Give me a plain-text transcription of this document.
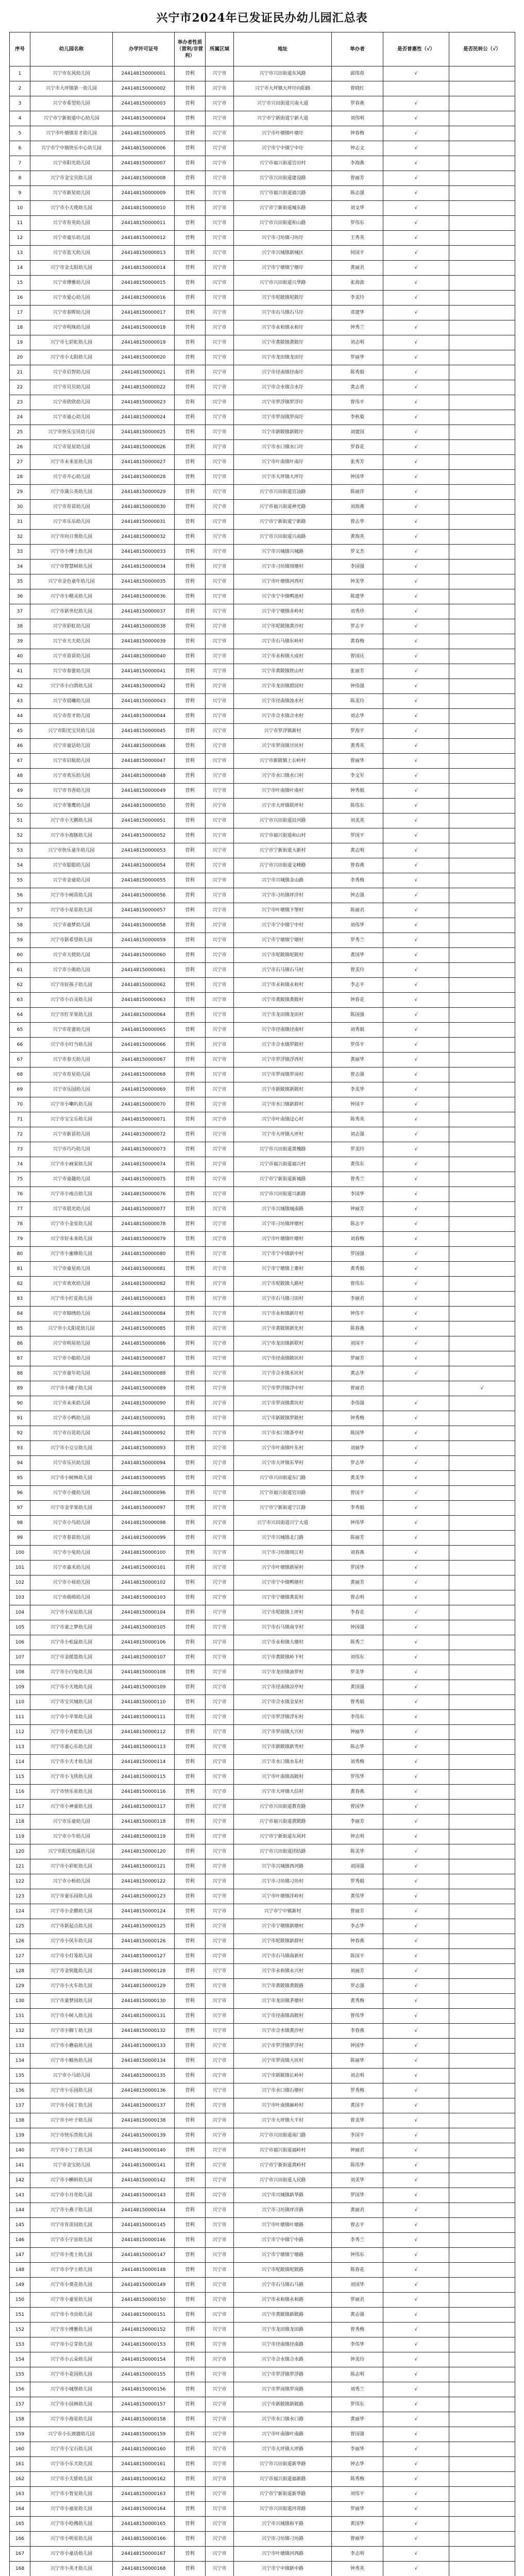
兴宁市2024年已发证民办幼儿园汇总表
序号	幼儿园名称	办学许可证号	举办者性质（营利/非营利）	所属区域	地址	举办者	是否普惠性（√）	是否民转公（√）
1	兴宁市东风幼儿园	244148150000001	营利	兴宁市	兴宁市兴田街道东风路	邱伟春	√	
2	兴宁市大坪镇第一幼儿园	244148150000002	营利	兴宁市	兴宁市大坪镇大坪圩向阳路	曾晓红		
3	兴宁市希望幼儿园	244148150000003	营利	兴宁市	兴宁市兴田街道兴南大道	罗春燕	√	
4	兴宁市宁新街道中心幼儿园	244148150000004	营利	兴宁市	兴宁市宁新街道宁新大道	刘伟明	√	
5	兴宁市叶塘镇育才幼儿园	244148150000005	营利	兴宁市	兴宁市叶塘镇叶塘圩	钟春梅	√	
6	兴宁市宁中镇快乐中心幼儿园	244148150000006	营利	兴宁市	兴宁市宁中镇宁中圩	钟志文	√	
7	兴宁市阳光幼儿园	244148150000007	营利	兴宁市	兴宁市福兴街道官田村	李海燕	√	
8	兴宁市金宝贝幼儿园	244148150000008	营利	兴宁市	兴宁市兴田街道建设路	曾丽芳	√	
9	兴宁市新星幼儿园	244148150000009	营利	兴宁市	兴宁市福兴街道福兴路	陈志强	√	
10	兴宁市小天使幼儿园	244148150000010	营利	兴宁市	兴宁市宁新街道城东路	刘文华	√	
11	兴宁市育英幼儿园	244148150000011	营利	兴宁市	兴宁市兴田街道和山路	罗伟东	√	
12	兴宁市童乐幼儿园	244148150000012	营利	兴宁市	兴宁市刁坊镇刁坊圩	王秀英	√	
13	兴宁市蓝天幼儿园	244148150000013	营利	兴宁市	兴宁市兴城镇新城区	何国平	√	
14	兴宁市金太阳幼儿园	244148150000014	营利	兴宁市	兴宁市宁塘镇宁塘圩	黄丽君	√	
15	兴宁市博雅幼儿园	244148150000015	营利	兴宁市	兴宁市兴田街道兴华路	张海波	√	
16	兴宁市爱心幼儿园	244148150000016	营利	兴宁市	兴宁市坭陂镇坭陂圩	李美玲	√	
17	兴宁市春晖幼儿园	244148150000017	营利	兴宁市	兴宁市石马镇石马圩	邓建华	√	
18	兴宁市明珠幼儿园	244148150000018	营利	兴宁市	兴宁市永和镇永和圩	钟秀兰	√	
19	兴宁市七彩虹幼儿园	244148150000019	营利	兴宁市	兴宁市黄陂镇黄陂圩	刘志明	√	
20	兴宁市小太阳幼儿园	244148150000020	营利	兴宁市	兴宁市龙田镇龙田圩	罗丽华	√	
21	兴宁市启智幼儿园	244148150000021	营利	兴宁市	兴宁市径南镇径南圩	陈秀娟	√	
22	兴宁市贝贝幼儿园	244148150000022	营利	兴宁市	兴宁市合水镇合水圩	黄志勇	√	
23	兴宁市欣欣幼儿园	244148150000023	营利	兴宁市	兴宁市罗浮镇罗浮圩	曾伟平	√	
24	兴宁市童心幼儿园	244148150000024	营利	兴宁市	兴宁市罗岗镇罗岗圩	李秋菊	√	
25	兴宁市快乐宝贝幼儿园	244148150000025	营利	兴宁市	兴宁市新陂镇新陂圩	刘建国	√	
26	兴宁市星星幼儿园	244148150000026	营利	兴宁市	兴宁市水口镇水口圩	罗春花	√	
27	兴宁市未来星幼儿园	244148150000027	营利	兴宁市	兴宁市叶南镇叶南圩	张秀芳	√	
28	兴宁市开心幼儿园	244148150000028	营利	兴宁市	兴宁市大坪镇大坪圩	钟国华	√	
29	兴宁市蒲公英幼儿园	244148150000029	营利	兴宁市	兴宁市兴田街道官汕路	陈丽萍	√	
30	兴宁市育苗幼儿园	244148150000030	营利	兴宁市	兴宁市福兴街道神光路	刘海燕	√	
31	兴宁市乐乐幼儿园	244148150000031	营利	兴宁市	兴宁市宁新街道宁新路	曾志华	√	
32	兴宁市向日葵幼儿园	244148150000032	营利	兴宁市	兴宁市兴田街道兴南路	黄海英	√	
33	兴宁市小博士幼儿园	244148150000033	营利	兴宁市	兴宁市兴城镇兴城路	罗文杰	√	
34	兴宁市智慧树幼儿园	244148150000034	营利	兴宁市	兴宁市刁坊镇周塘村	李国强	√	
35	兴宁市金色童年幼儿园	244148150000035	营利	兴宁市	兴宁市叶塘镇河西村	钟美华	√	
36	兴宁市小精灵幼儿园	244148150000036	营利	兴宁市	兴宁市宁中镇鸭池村	陈建华	√	
37	兴宁市新世纪幼儿园	244148150000037	营利	兴宁市	兴宁市宁塘镇赤岭村	刘秀珍	√	
38	兴宁市彩虹幼儿园	244148150000038	营利	兴宁市	兴宁市坭陂镇黄沙村	罗志平	√	
39	兴宁市天天幼儿园	244148150000039	营利	兴宁市	兴宁市石马镇东岭村	黄春梅	√	
40	兴宁市苗苗幼儿园	244148150000040	营利	兴宁市	兴宁市永和镇大成村	曾国庆	√	
41	兴宁市春蕾幼儿园	244148150000041	营利	兴宁市	兴宁市黄陂镇铁山村	张丽芳	√	
42	兴宁市小白鸽幼儿园	244148150000042	营利	兴宁市	兴宁市龙田镇碧园村	钟伟强	√	
43	兴宁市晨曦幼儿园	244148150000043	营利	兴宁市	兴宁市径南镇浊水村	陈美玲	√	
44	兴宁市育才幼儿园	244148150000044	营利	兴宁市	兴宁市合水镇合水村	刘志华	√	
45	兴宁市阳光宝贝幼儿园	244148150000045	营利	兴宁市	兴宁市罗浮镇新村	罗海平	√	
46	兴宁市童话幼儿园	244148150000046	营利	兴宁市	兴宁市罗岗镇甘坑村	黄秀英	√	
47	兴宁市启航幼儿园	244148150000047	营利	兴宁市	兴宁市新陂镇上长岭村	曾丽华	√	
48	兴宁市欢乐幼儿园	244148150000048	营利	兴宁市	兴宁市水口镇水口村	李文军	√	
49	兴宁市书香幼儿园	244148150000049	营利	兴宁市	兴宁市叶南镇叶南村	钟秀娟	√	
50	兴宁市雏鹰幼儿园	244148150000050	营利	兴宁市	兴宁市大坪镇联坪村	陈伟东	√	
51	兴宁市小天鹅幼儿园	244148150000051	营利	兴宁市	兴宁市兴田街道沿河路	刘美英	√	
52	兴宁市小海豚幼儿园	244148150000052	营利	兴宁市	兴宁市福兴街道和山村	罗国平	√	
53	兴宁市快乐童年幼儿园	244148150000053	营利	兴宁市	兴宁市宁新街道大新村	黄志明	√	
54	兴宁市聪聪幼儿园	244148150000054	营利	兴宁市	兴宁市兴田街道文峰路	曾春燕	√	
55	兴宁市金童幼儿园	244148150000055	营利	兴宁市	兴宁市兴城镇金山路	李秀梅	√	
56	兴宁市小树苗幼儿园	244148150000056	营利	兴宁市	兴宁市刁坊镇坪洋村	钟志强	√	
57	兴宁市小星星幼儿园	244148150000057	营利	兴宁市	兴宁市叶塘镇下堡村	陈丽君	√	
58	兴宁市童梦幼儿园	244148150000058	营利	兴宁市	兴宁市宁中镇宁中村	刘伟华	√	
59	兴宁市新希望幼儿园	244148150000059	营利	兴宁市	兴宁市宁塘镇宁塘村	罗秀兰	√	
60	兴宁市天使幼儿园	244148150000060	营利	兴宁市	兴宁市坭陂镇坭陂村	黄国华	√	
61	兴宁市小熊幼儿园	244148150000061	营利	兴宁市	兴宁市石马镇石马村	曾美玲	√	
62	兴宁市好孩子幼儿园	244148150000062	营利	兴宁市	兴宁市永和镇永和村	李志平	√	
63	兴宁市小百灵幼儿园	244148150000063	营利	兴宁市	兴宁市黄陂镇黄陂村	钟春花	√	
64	兴宁市红苹果幼儿园	244148150000064	营利	兴宁市	兴宁市龙田镇龙田村	陈国强	√	
65	兴宁市花蕾幼儿园	244148150000065	营利	兴宁市	兴宁市径南镇径南村	刘秀娟	√	
66	兴宁市小叮当幼儿园	244148150000066	营利	兴宁市	兴宁市合水镇罗陂村	罗伟平	√	
67	兴宁市春天幼儿园	244148150000067	营利	兴宁市	兴宁市罗浮镇浮西村	黄丽华	√	
68	兴宁市育星幼儿园	244148150000068	营利	兴宁市	兴宁市罗岗镇罗岗村	曾志强	√	
69	兴宁市乐园幼儿园	244148150000069	营利	兴宁市	兴宁市新陂镇新陂村	李美华	√	
70	兴宁市小喇叭幼儿园	244148150000070	营利	兴宁市	兴宁市水口镇新群村	钟国平	√	
71	兴宁市宝宝乐幼儿园	244148150000071	营利	兴宁市	兴宁市叶南镇迳心村	陈秀英	√	
72	兴宁市新苗幼儿园	244148150000072	营利	兴宁市	兴宁市大坪镇大坪村	刘志强	√	
73	兴宁市巧巧幼儿园	244148150000073	营利	兴宁市	兴宁市兴田街道黄槐路	罗美玲	√	
74	兴宁市小画家幼儿园	244148150000074	营利	兴宁市	兴宁市福兴街道福兴村	黄伟东	√	
75	兴宁市童趣幼儿园	244148150000075	营利	兴宁市	兴宁市宁新街道新城路	曾秀兰	√	
76	兴宁市小雨点幼儿园	244148150000076	营利	兴宁市	兴宁市兴田街道兴新路	李国华	√	
77	兴宁市晨光幼儿园	244148150000077	营利	兴宁市	兴宁市兴城镇城南路	钟丽芳	√	
78	兴宁市小金星幼儿园	244148150000078	营利	兴宁市	兴宁市刁坊镇坪塘村	陈志平	√	
79	兴宁市好未来幼儿园	244148150000079	营利	兴宁市	兴宁市叶塘镇叶塘村	刘春梅	√	
80	兴宁市小蜜蜂幼儿园	244148150000080	营利	兴宁市	兴宁市宁中镇新中村	罗国强	√	
81	兴宁市童星幼儿园	244148150000081	营利	兴宁市	兴宁市宁塘镇上寨村	黄秀娟	√	
82	兴宁市欢欢幼儿园	244148150000082	营利	兴宁市	兴宁市坭陂镇大路村	曾伟东	√	
83	兴宁市小红花幼儿园	244148150000083	营利	兴宁市	兴宁市石马镇刁田村	李丽君	√	
84	兴宁市锦绣幼儿园	244148150000084	营利	兴宁市	兴宁市永和镇新圩村	钟伟平	√	
85	兴宁市小太阳花幼儿园	244148150000085	营利	兴宁市	兴宁市黄陂镇新化村	陈春燕	√	
86	兴宁市明星幼儿园	244148150000086	营利	兴宁市	兴宁市龙田镇新联村	刘国平	√	
87	兴宁市小船幼儿园	244148150000087	营利	兴宁市	兴宁市径南镇陂坑村	罗丽芳	√	
88	兴宁市童年幼儿园	244148150000088	营利	兴宁市	兴宁市合水镇禾坑村	黄志华	√	
89	兴宁市小橘子幼儿园	244148150000089	营利	兴宁市	兴宁市罗浮镇浮中村	曾丽君		√
90	兴宁市未来幼儿园	244148150000090	营利	兴宁市	兴宁市罗岗镇黄坑村	李伟强	√	
91	兴宁市小鸭幼儿园	244148150000091	营利	兴宁市	兴宁市新陂镇罗陂村	钟秀梅	√	
92	兴宁市百花幼儿园	244148150000092	营利	兴宁市	兴宁市水口镇茶亭村	陈国华	√	
93	兴宁市小豆豆幼儿园	244148150000093	营利	兴宁市	兴宁市叶南镇叶东村	刘丽华	√	
94	兴宁市乐贝幼儿园	244148150000094	营利	兴宁市	兴宁市大坪镇东华村	罗志华	√	
95	兴宁市小树林幼儿园	244148150000095	营利	兴宁市	兴宁市兴田街道东门路	黄美华	√	
96	兴宁市小鹿幼儿园	244148150000096	营利	兴宁市	兴宁市福兴街道官田路	曾国平	√	
97	兴宁市金苹果幼儿园	244148150000097	营利	兴宁市	兴宁市宁新街道宁江路	李秀娟	√	
98	兴宁市小鸟幼儿园	244148150000098	营利	兴宁市	兴宁市兴田街道兴宁大道	钟伟华	√	
99	兴宁市春苗幼儿园	244148150000099	营利	兴宁市	兴宁市兴城镇北门路	陈丽芳	√	
100	兴宁市小兔幼儿园	244148150000100	营利	兴宁市	兴宁市刁坊镇周江村	刘春燕	√	
101	兴宁市嘉禾幼儿园	244148150000101	营利	兴宁市	兴宁市叶塘镇新屋村	罗国华	√	
102	兴宁市小荷幼儿园	244148150000102	营利	兴宁市	兴宁市宁中镇鸭塘村	黄丽芳	√	
103	兴宁市萌萌幼儿园	244148150000103	营利	兴宁市	兴宁市宁塘镇黄泥村	曾志明	√	
104	兴宁市小星辰幼儿园	244148150000104	营利	兴宁市	兴宁市坭陂镇上坪村	李春花	√	
105	兴宁市童之梦幼儿园	244148150000105	营利	兴宁市	兴宁市石马镇南亨村	钟国强	√	
106	兴宁市小松鼠幼儿园	244148150000106	营利	兴宁市	兴宁市永和镇大塘村	陈秀兰	√	
107	兴宁市金摇篮幼儿园	244148150000107	营利	兴宁市	兴宁市黄陂镇岭下村	刘伟东	√	
108	兴宁市小白兔幼儿园	244148150000108	营利	兴宁市	兴宁市龙田镇油罗村	罗美华	√	
109	兴宁市小天地幼儿园	244148150000109	营利	兴宁市	兴宁市径南镇凉亭村	黄国强	√	
110	兴宁市宝贝城幼儿园	244148150000110	营利	兴宁市	兴宁市合水镇金星村	曾秀娟	√	
111	兴宁市小苹果幼儿园	244148150000111	营利	兴宁市	兴宁市罗浮镇浮东村	李伟东	√	
112	兴宁市小青蛙幼儿园	244148150000112	营利	兴宁市	兴宁市罗岗镇大兴村	钟丽华	√	
113	兴宁市童心乐幼儿园	244148150000113	营利	兴宁市	兴宁市新陂镇新贵村	陈志华	√	
114	兴宁市小天才幼儿园	244148150000114	营利	兴宁市	兴宁市水口镇水东村	刘秀梅	√	
115	兴宁市小飞侠幼儿园	244148150000115	营利	兴宁市	兴宁市叶南镇高陂村	罗伟华	√	
116	兴宁市快乐星幼儿园	244148150000116	营利	兴宁市	兴宁市大坪镇大信村	黄春燕	√	
117	兴宁市小神童幼儿园	244148150000117	营利	兴宁市	兴宁市兴田街道教育路	曾国华	√	
118	兴宁市乐童幼儿园	244148150000118	营利	兴宁市	兴宁市福兴街道黄陂路	李丽芳	√	
119	兴宁市小牛幼儿园	244148150000119	营利	兴宁市	兴宁市宁新街道东风村	钟志明	√	
120	兴宁市阳光雨露幼儿园	244148150000120	营利	兴宁市	兴宁市兴田街道团结路	陈美华	√	
121	兴宁市小彩虹幼儿园	244148150000121	营利	兴宁市	兴宁市兴城镇西河路	刘国强	√	
122	兴宁市小桥幼儿园	244148150000122	营利	兴宁市	兴宁市刁坊镇刁坊村	罗秀娟	√	
123	兴宁市童乐园幼儿园	244148150000123	营利	兴宁市	兴宁市叶塘镇洋岭村	黄伟华	√	
124	兴宁市小企鹅幼儿园	244148150000124	营利	兴宁市	兴宁市宁中镇新村	曾丽芳	√	
125	兴宁市新起点幼儿园	244148150000125	营利	兴宁市	兴宁市宁塘镇新塘村	李志华	√	
126	兴宁市小风车幼儿园	244148150000126	营利	兴宁市	兴宁市坭陂镇新群村	钟春燕	√	
127	兴宁市小灯笼幼儿园	244148150000127	营利	兴宁市	兴宁市石马镇南新村	陈国平	√	
128	兴宁市金钥匙幼儿园	244148150000128	营利	兴宁市	兴宁市永和镇永兴村	刘丽芳	√	
129	兴宁市小火车幼儿园	244148150000129	营利	兴宁市	兴宁市黄陂镇黄陂路	罗志强	√	
130	兴宁市童梦园幼儿园	244148150000130	营利	兴宁市	兴宁市龙田镇茅塘村	黄秀梅	√	
131	兴宁市小树人幼儿园	244148150000131	营利	兴宁市	兴宁市径南镇高陂村	曾伟华	√	
132	兴宁市小脚丫幼儿园	244148150000132	营利	兴宁市	兴宁市合水镇黄沙村	李春燕	√	
133	兴宁市小蘑菇幼儿园	244148150000133	营利	兴宁市	兴宁市罗浮镇罗浮村	钟国华	√	
134	兴宁市小鲸鱼幼儿园	244148150000134	营利	兴宁市	兴宁市罗岗镇大坑村	陈丽华	√	
135	兴宁市小马幼儿园	244148150000135	营利	兴宁市	兴宁市新陂镇长岭村	刘志明	√	
136	兴宁市小乐园幼儿园	244148150000136	营利	兴宁市	兴宁市水口镇石塘村	罗秀梅	√	
137	兴宁市小园丁幼儿园	244148150000137	营利	兴宁市	兴宁市叶南镇麻岭村	黄国平	√	
138	兴宁市小叶子幼儿园	244148150000138	营利	兴宁市	兴宁市大坪镇大平村	曾美华	√	
139	兴宁市快乐营幼儿园	244148150000139	营利	兴宁市	兴宁市兴田街道南门路	李国平	√	
140	兴宁市小丁丁幼儿园	244148150000140	营利	兴宁市	兴宁市福兴街道福岭村	钟丽君	√	
141	兴宁市金宝幼儿园	244148150000141	营利	兴宁市	兴宁市宁新街道黄岭村	陈伟华	√	
142	兴宁市小蝌蚪幼儿园	244148150000142	营利	兴宁市	兴宁市兴田街道人民路	刘美华	√	
143	兴宁市小月亮幼儿园	244148150000143	营利	兴宁市	兴宁市兴城镇新华路	罗国华	√	
144	兴宁市小燕子幼儿园	244148150000144	营利	兴宁市	兴宁市刁坊镇坪洋路	黄丽君	√	
145	兴宁市育苗园幼儿园	244148150000145	营利	兴宁市	兴宁市叶塘镇叶塘路	曾志平	√	
146	兴宁市小宇宙幼儿园	244148150000146	营利	兴宁市	兴宁市宁中镇宁中路	李秀兰	√	
147	兴宁市小勇士幼儿园	244148150000147	营利	兴宁市	兴宁市宁塘镇宁塘路	钟伟东	√	
148	兴宁市小学士幼儿园	244148150000148	营利	兴宁市	兴宁市坭陂镇坭陂路	陈春花	√	
149	兴宁市小葵花幼儿园	244148150000149	营利	兴宁市	兴宁市石马镇石马路	刘国华	√	
150	兴宁市小童星幼儿园	244148150000150	营利	兴宁市	兴宁市永和镇永和路	罗丽君	√	
151	兴宁市小书虫幼儿园	244148150000151	营利	兴宁市	兴宁市黄陂镇新陂路	黄志强	√	
152	兴宁市小博雅幼儿园	244148150000152	营利	兴宁市	兴宁市龙田镇龙田路	曾秀梅	√	
153	兴宁市小豆芽幼儿园	244148150000153	营利	兴宁市	兴宁市径南镇径南路	李伟华	√	
154	兴宁市小云朵幼儿园	244148150000154	营利	兴宁市	兴宁市合水镇合水路	钟美玲	√	
155	兴宁市小花园幼儿园	244148150000155	营利	兴宁市	兴宁市罗浮镇罗浮路	陈志明	√	
156	兴宁市小城堡幼儿园	244148150000156	营利	兴宁市	兴宁市罗岗镇罗岗路	刘秀兰	√	
157	兴宁市小园林幼儿园	244148150000157	营利	兴宁市	兴宁市新陂镇新陂路	罗伟东	√	
158	兴宁市小海星幼儿园	244148150000158	营利	兴宁市	兴宁市水口镇水口路	黄丽华	√	
159	兴宁市小长颈鹿幼儿园	244148150000159	营利	兴宁市	兴宁市叶南镇叶南路	曾国强	√	
160	兴宁市小宝石幼儿园	244148150000160	营利	兴宁市	兴宁市大坪镇大坪路	李丽华	√	
161	兴宁市小乐天幼儿园	244148150000161	营利	兴宁市	兴宁市兴田街道新华路	钟志华	√	
162	兴宁市小天骄幼儿园	244148150000162	营利	兴宁市	兴宁市福兴街道福新路	陈秀梅	√	
163	兴宁市小智星幼儿园	244148150000163	营利	兴宁市	兴宁市宁新街道新华路	刘伟平	√	
164	兴宁市小福星幼儿园	244148150000164	营利	兴宁市	兴宁市兴田街道河背路	罗丽华	√	
165	兴宁市小哈佛幼儿园	244148150000165	营利	兴宁市	兴宁市兴城镇和平路	黄国华	√	
166	兴宁市小明星幼儿园	244148150000166	营利	兴宁市	兴宁市刁坊镇刁坊路	曾丽华	√	
167	兴宁市小童话幼儿园	244148150000167	营利	兴宁市	兴宁市叶塘镇河西路	李志明	√	
168	兴宁市小英才幼儿园	244148150000168	营利	兴宁市	兴宁市宁中镇新中路	钟秀英	√	
